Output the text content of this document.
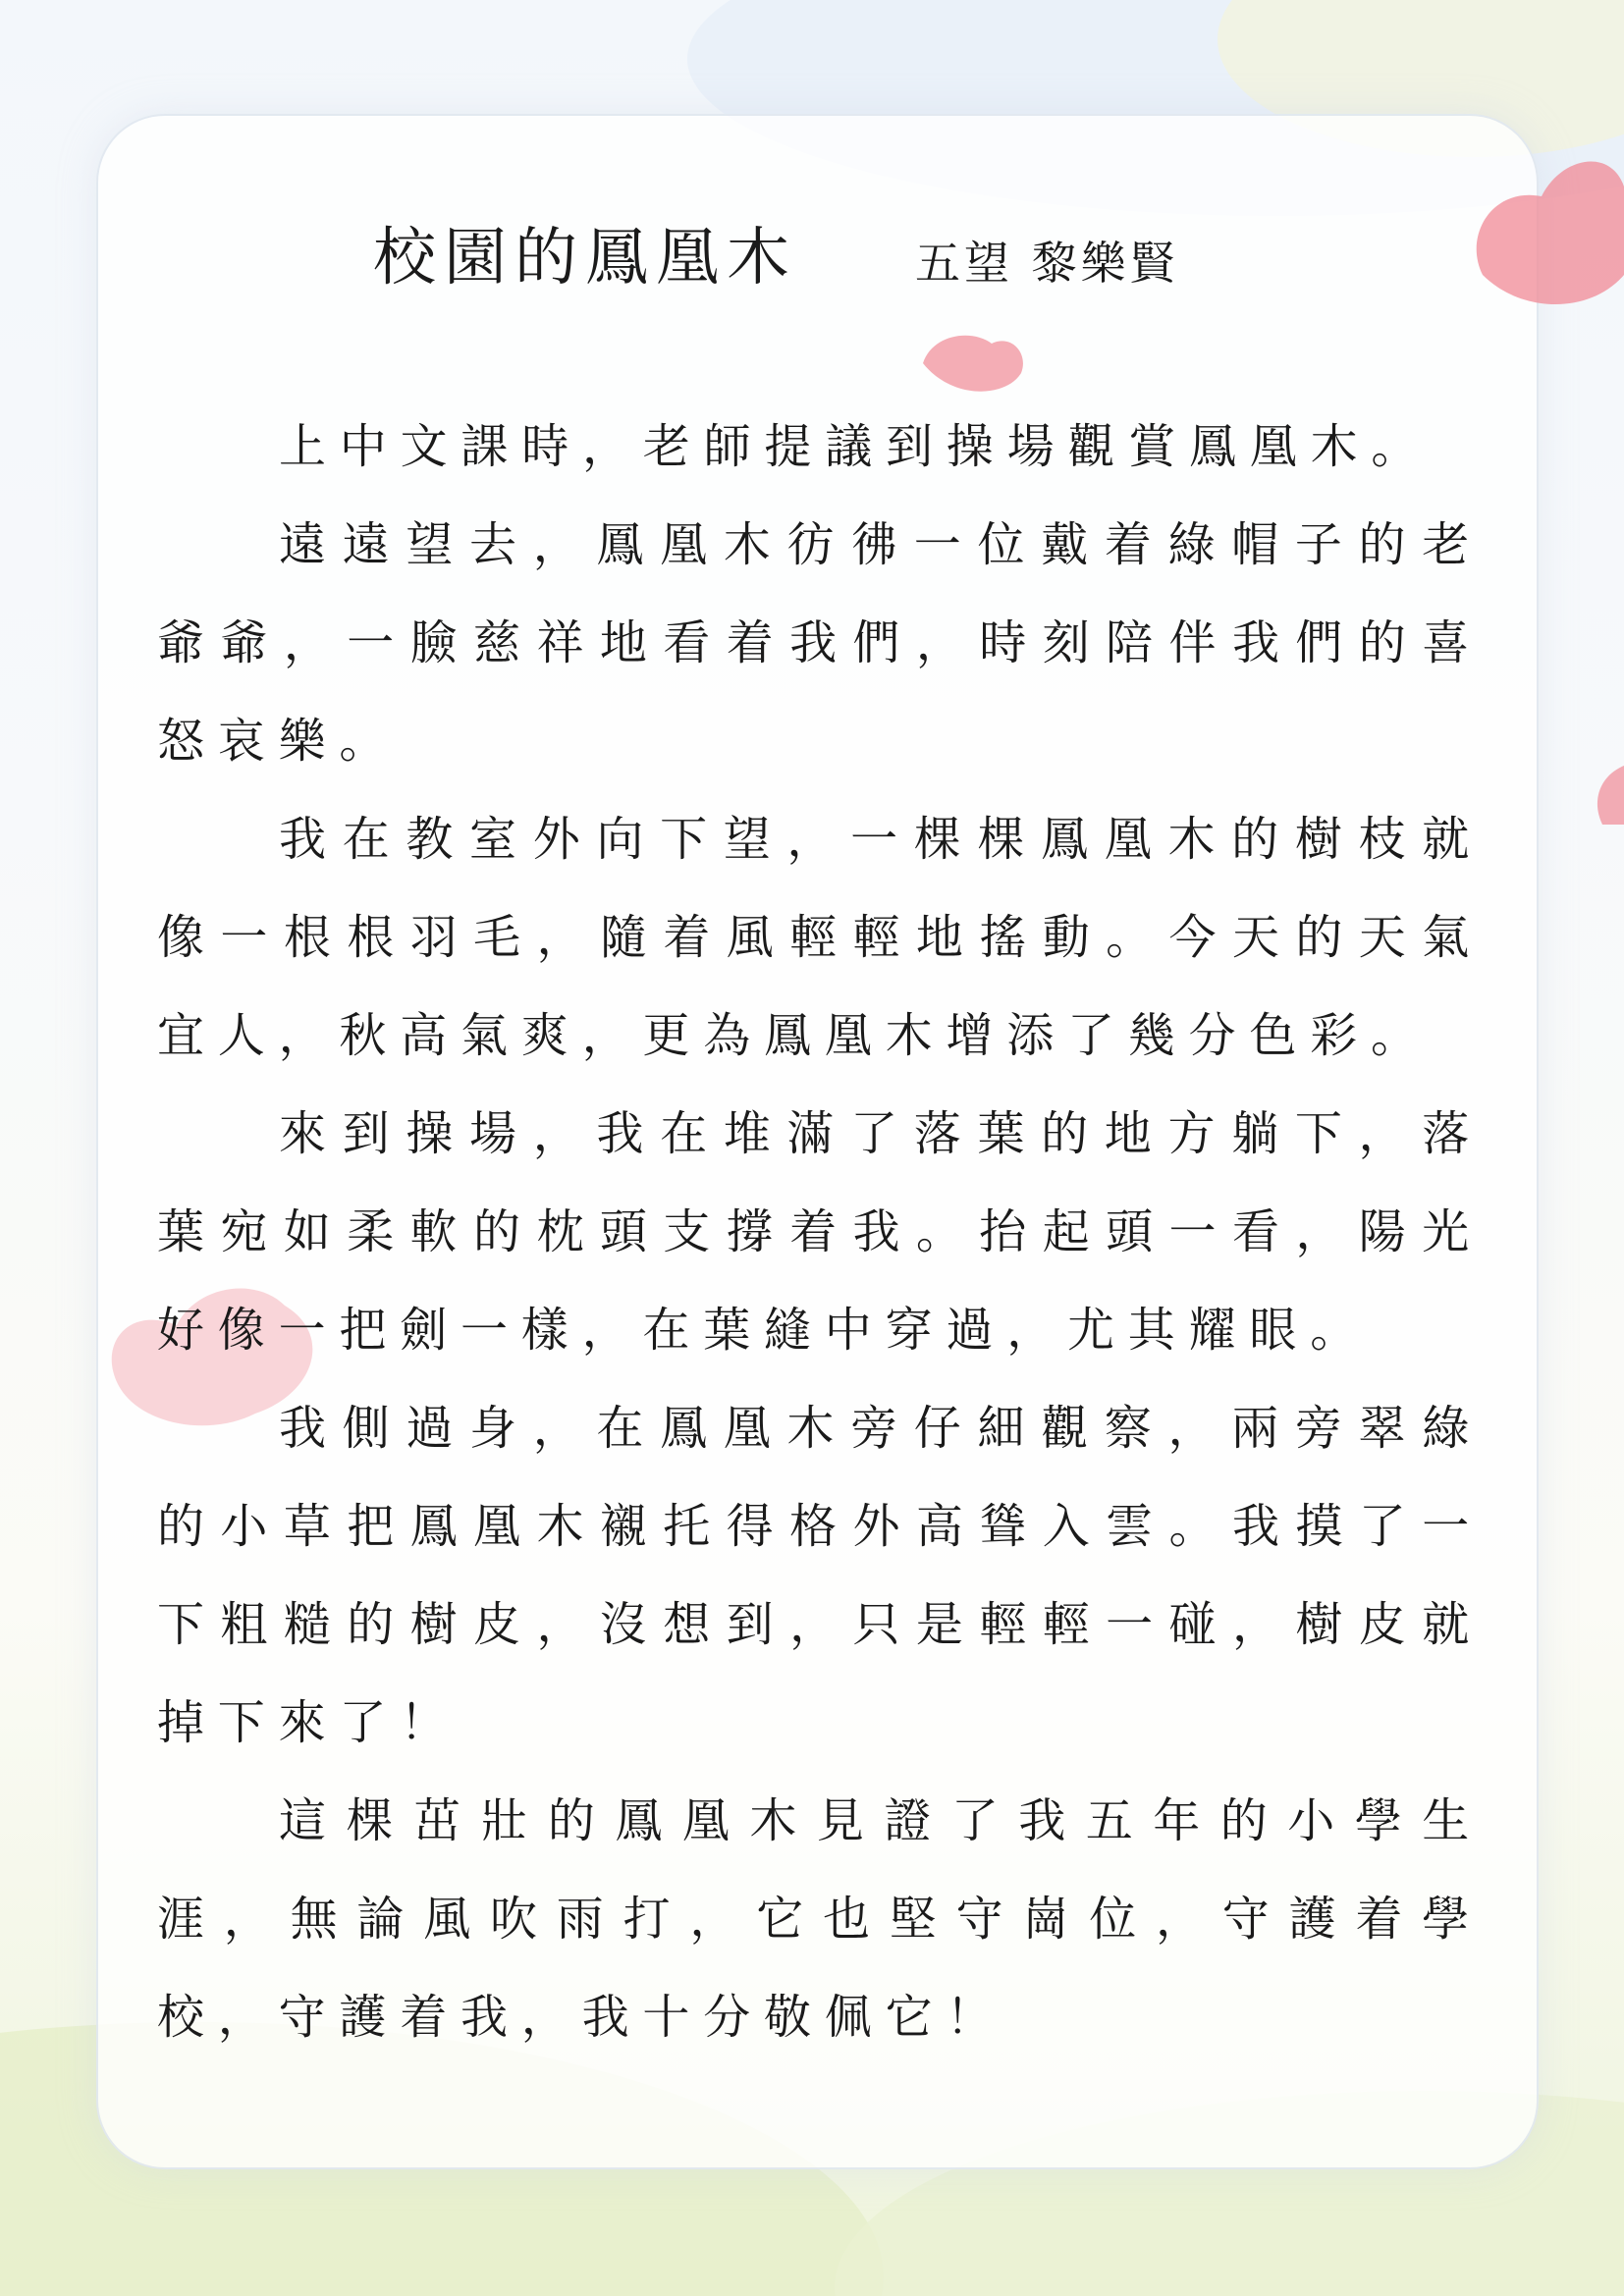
校園的鳳凰木	五望 黎樂賢

上中文課時，老師提議到操場觀賞鳳凰木。

遠遠望去，鳳凰木彷彿一位戴着綠帽子的老爺爺，一臉慈祥地看着我們，時刻陪伴我們的喜怒哀樂。

我在教室外向下望，一棵棵鳳凰木的樹枝就像一根根羽毛，隨着風輕輕地搖動。今天的天氣宜人，秋高氣爽，更為鳳凰木增添了幾分色彩。

來到操場，我在堆滿了落葉的地方躺下，落葉宛如柔軟的枕頭支撐着我。抬起頭一看，陽光好像一把劍一樣，在葉縫中穿過，尤其耀眼。

我側過身，在鳳凰木旁仔細觀察，兩旁翠綠的小草把鳳凰木襯托得格外高聳入雲。我摸了一下粗糙的樹皮，沒想到，只是輕輕一碰，樹皮就掉下來了！

這棵茁壯的鳳凰木見證了我五年的小學生涯，無論風吹雨打，它也堅守崗位，守護着學校，守護着我，我十分敬佩它！
